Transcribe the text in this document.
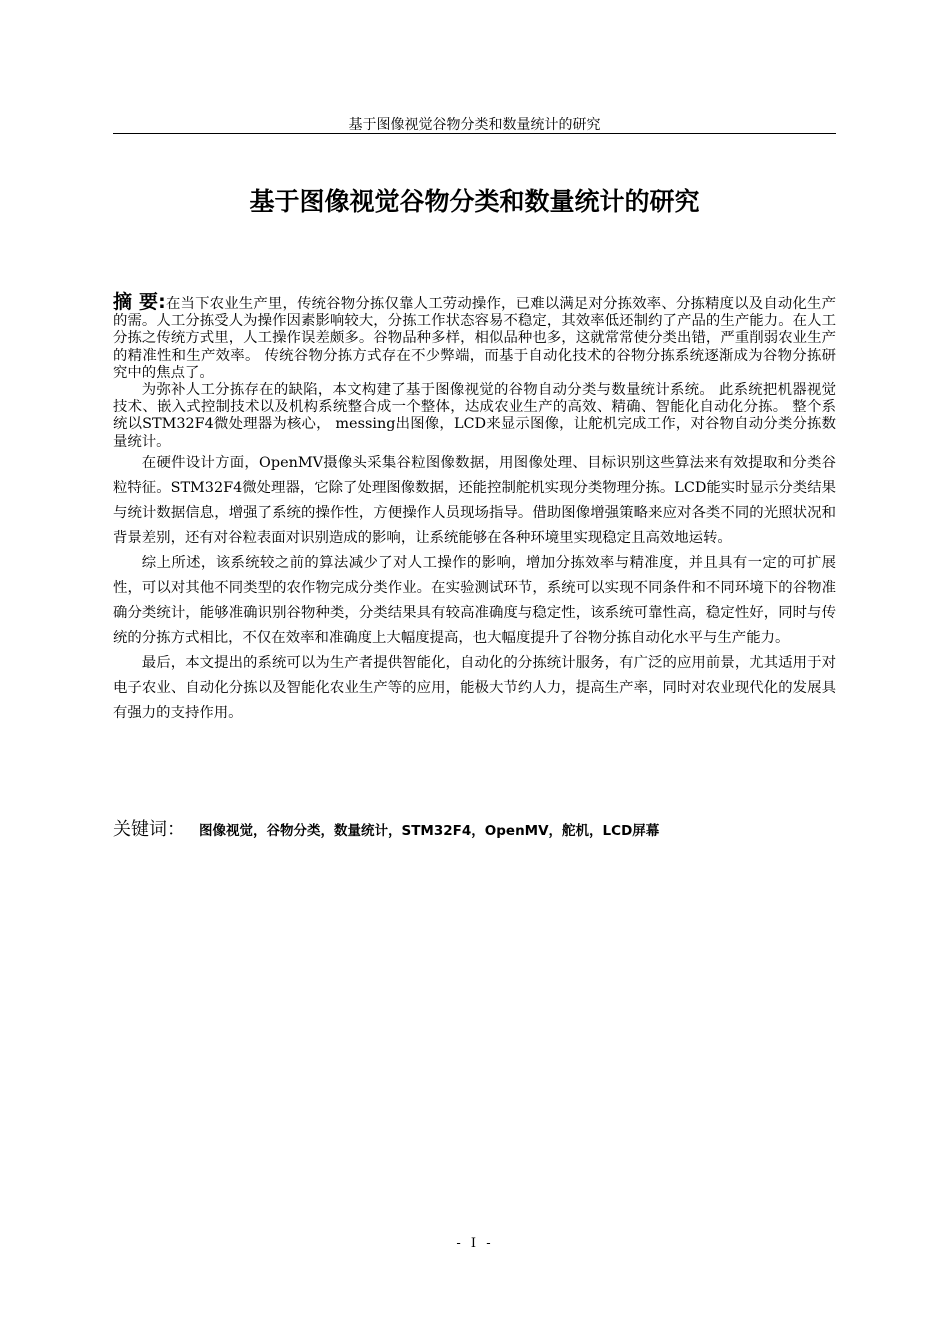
基于图像视觉谷物分类和数量统计的研究
基于图像视觉谷物分类和数量统计的研究

摘 要:在当下农业生产里，传统谷物分拣仅靠人工劳动操作，已难以满足对分拣效率、分拣精度以及自动化生产的需。人工分拣受人为操作因素影响较大，分拣工作状态容易不稳定，其效率低还制约了产品的生产能力。在人工分拣之传统方式里，人工操作误差颇多。谷物品种多样，相似品种也多，这就常常使分类出错，严重削弱农业生产的精准性和生产效率。 传统谷物分拣方式存在不少弊端，而基于自动化技术的谷物分拣系统逐渐成为谷物分拣研究中的焦点了。

为弥补人工分拣存在的缺陷，本文构建了基于图像视觉的谷物自动分类与数量统计系统。 此系统把机器视觉技术、嵌入式控制技术以及机构系统整合成一个整体，达成农业生产的高效、精确、智能化自动化分拣。 整个系统以STM32F4微处理器为核心， messing出图像，LCD来显示图像，让舵机完成工作，对谷物自动分类分拣数量统计。

在硬件设计方面，OpenMV摄像头采集谷粒图像数据，用图像处理、目标识别这些算法来有效提取和分类谷粒特征。STM32F4微处理器，它除了处理图像数据，还能控制舵机实现分类物理分拣。LCD能实时显示分类结果与统计数据信息，增强了系统的操作性，方便操作人员现场指导。借助图像增强策略来应对各类不同的光照状况和背景差别，还有对谷粒表面对识别造成的影响，让系统能够在各种环境里实现稳定且高效地运转。

综上所述，该系统较之前的算法减少了对人工操作的影响，增加分拣效率与精准度，并且具有一定的可扩展性，可以对其他不同类型的农作物完成分类作业。在实验测试环节，系统可以实现不同条件和不同环境下的谷物准确分类统计，能够准确识别谷物种类，分类结果具有较高准确度与稳定性，该系统可靠性高，稳定性好，同时与传统的分拣方式相比，不仅在效率和准确度上大幅度提高，也大幅度提升了谷物分拣自动化水平与生产能力。

最后，本文提出的系统可以为生产者提供智能化，自动化的分拣统计服务，有广泛的应用前景，尤其适用于对电子农业、自动化分拣以及智能化农业生产等的应用，能极大节约人力，提高生产率，同时对农业现代化的发展具有强力的支持作用。

关键词： 图像视觉，谷物分类，数量统计，STM32F4，OpenMV，舵机，LCD屏幕
- I -
